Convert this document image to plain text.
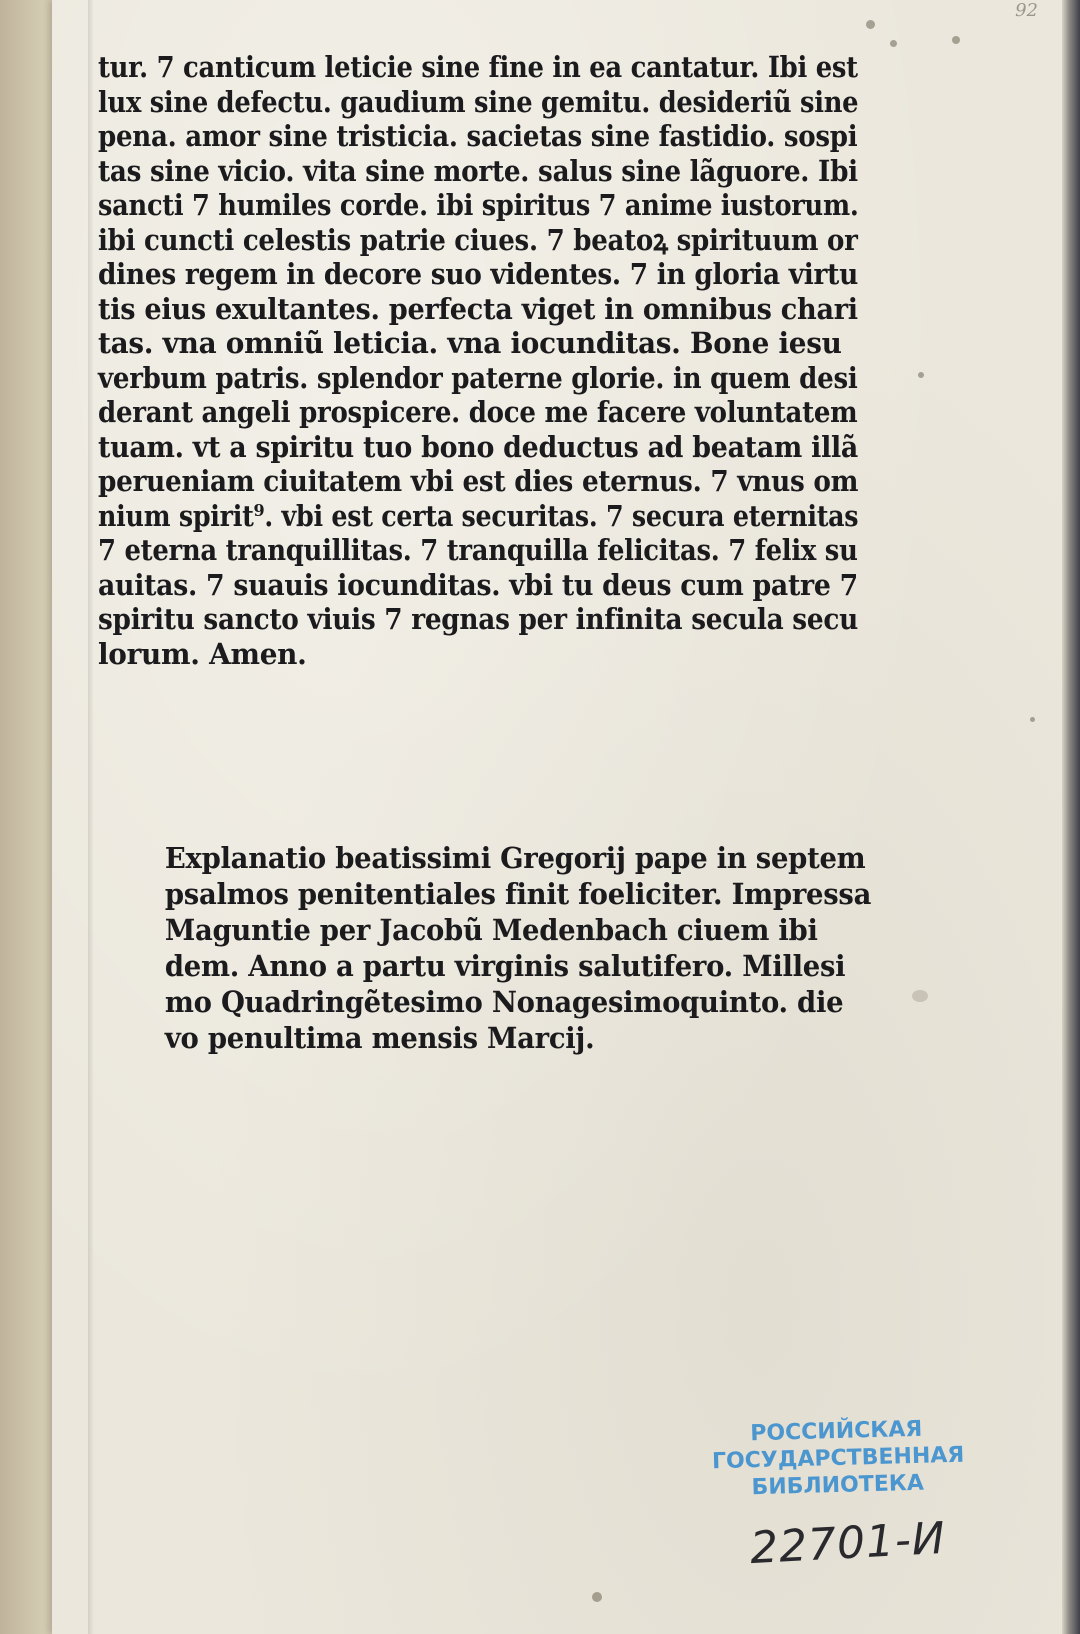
92
tur. 7 canticum leticie sine fine in ea cantatur. Ibi est
lux sine defectu. gaudium sine gemitu. desideriũ sine
pena. amor sine tristicia. sacietas sine fastidio. sospi
tas sine vicio. vita sine morte. salus sine lãguore. Ibi
sancti 7 humiles corde. ibi spiritus 7 anime iustorum.
ibi cuncti celestis patrie ciues. 7 beatoꝝ spirituum or
dines regem in decore suo videntes. 7 in gloria virtu
tis eius exultantes. perfecta viget in omnibus chari
tas. vna omniũ leticia. vna iocunditas. Bone iesu
verbum patris. splendor paterne glorie. in quem desi
derant angeli prospicere. doce me facere voluntatem
tuam. vt a spiritu tuo bono deductus ad beatam illã
perueniam ciuitatem vbi est dies eternus. 7 vnus om
nium spirit⁹. vbi est certa securitas. 7 secura eternitas
7 eterna tranquillitas. 7 tranquilla felicitas. 7 felix su
auitas. 7 suauis iocunditas. vbi tu deus cum patre 7
spiritu sancto viuis 7 regnas per infinita secula secu
lorum. Amen.
Explanatio beatissimi Gregorij pape in septem
psalmos penitentiales finit foeliciter. Impressa
Maguntie per Jacobũ Medenbach ciuem ibi
dem. Anno a partu virginis salutifero. Millesi
mo Quadringẽtesimo Nonagesimoquinto. die
vo penultima mensis Marcij.
РОССИЙСКАЯ
ГОСУДАРСТВЕННАЯ
БИБЛИОТЕКА
22701-И
